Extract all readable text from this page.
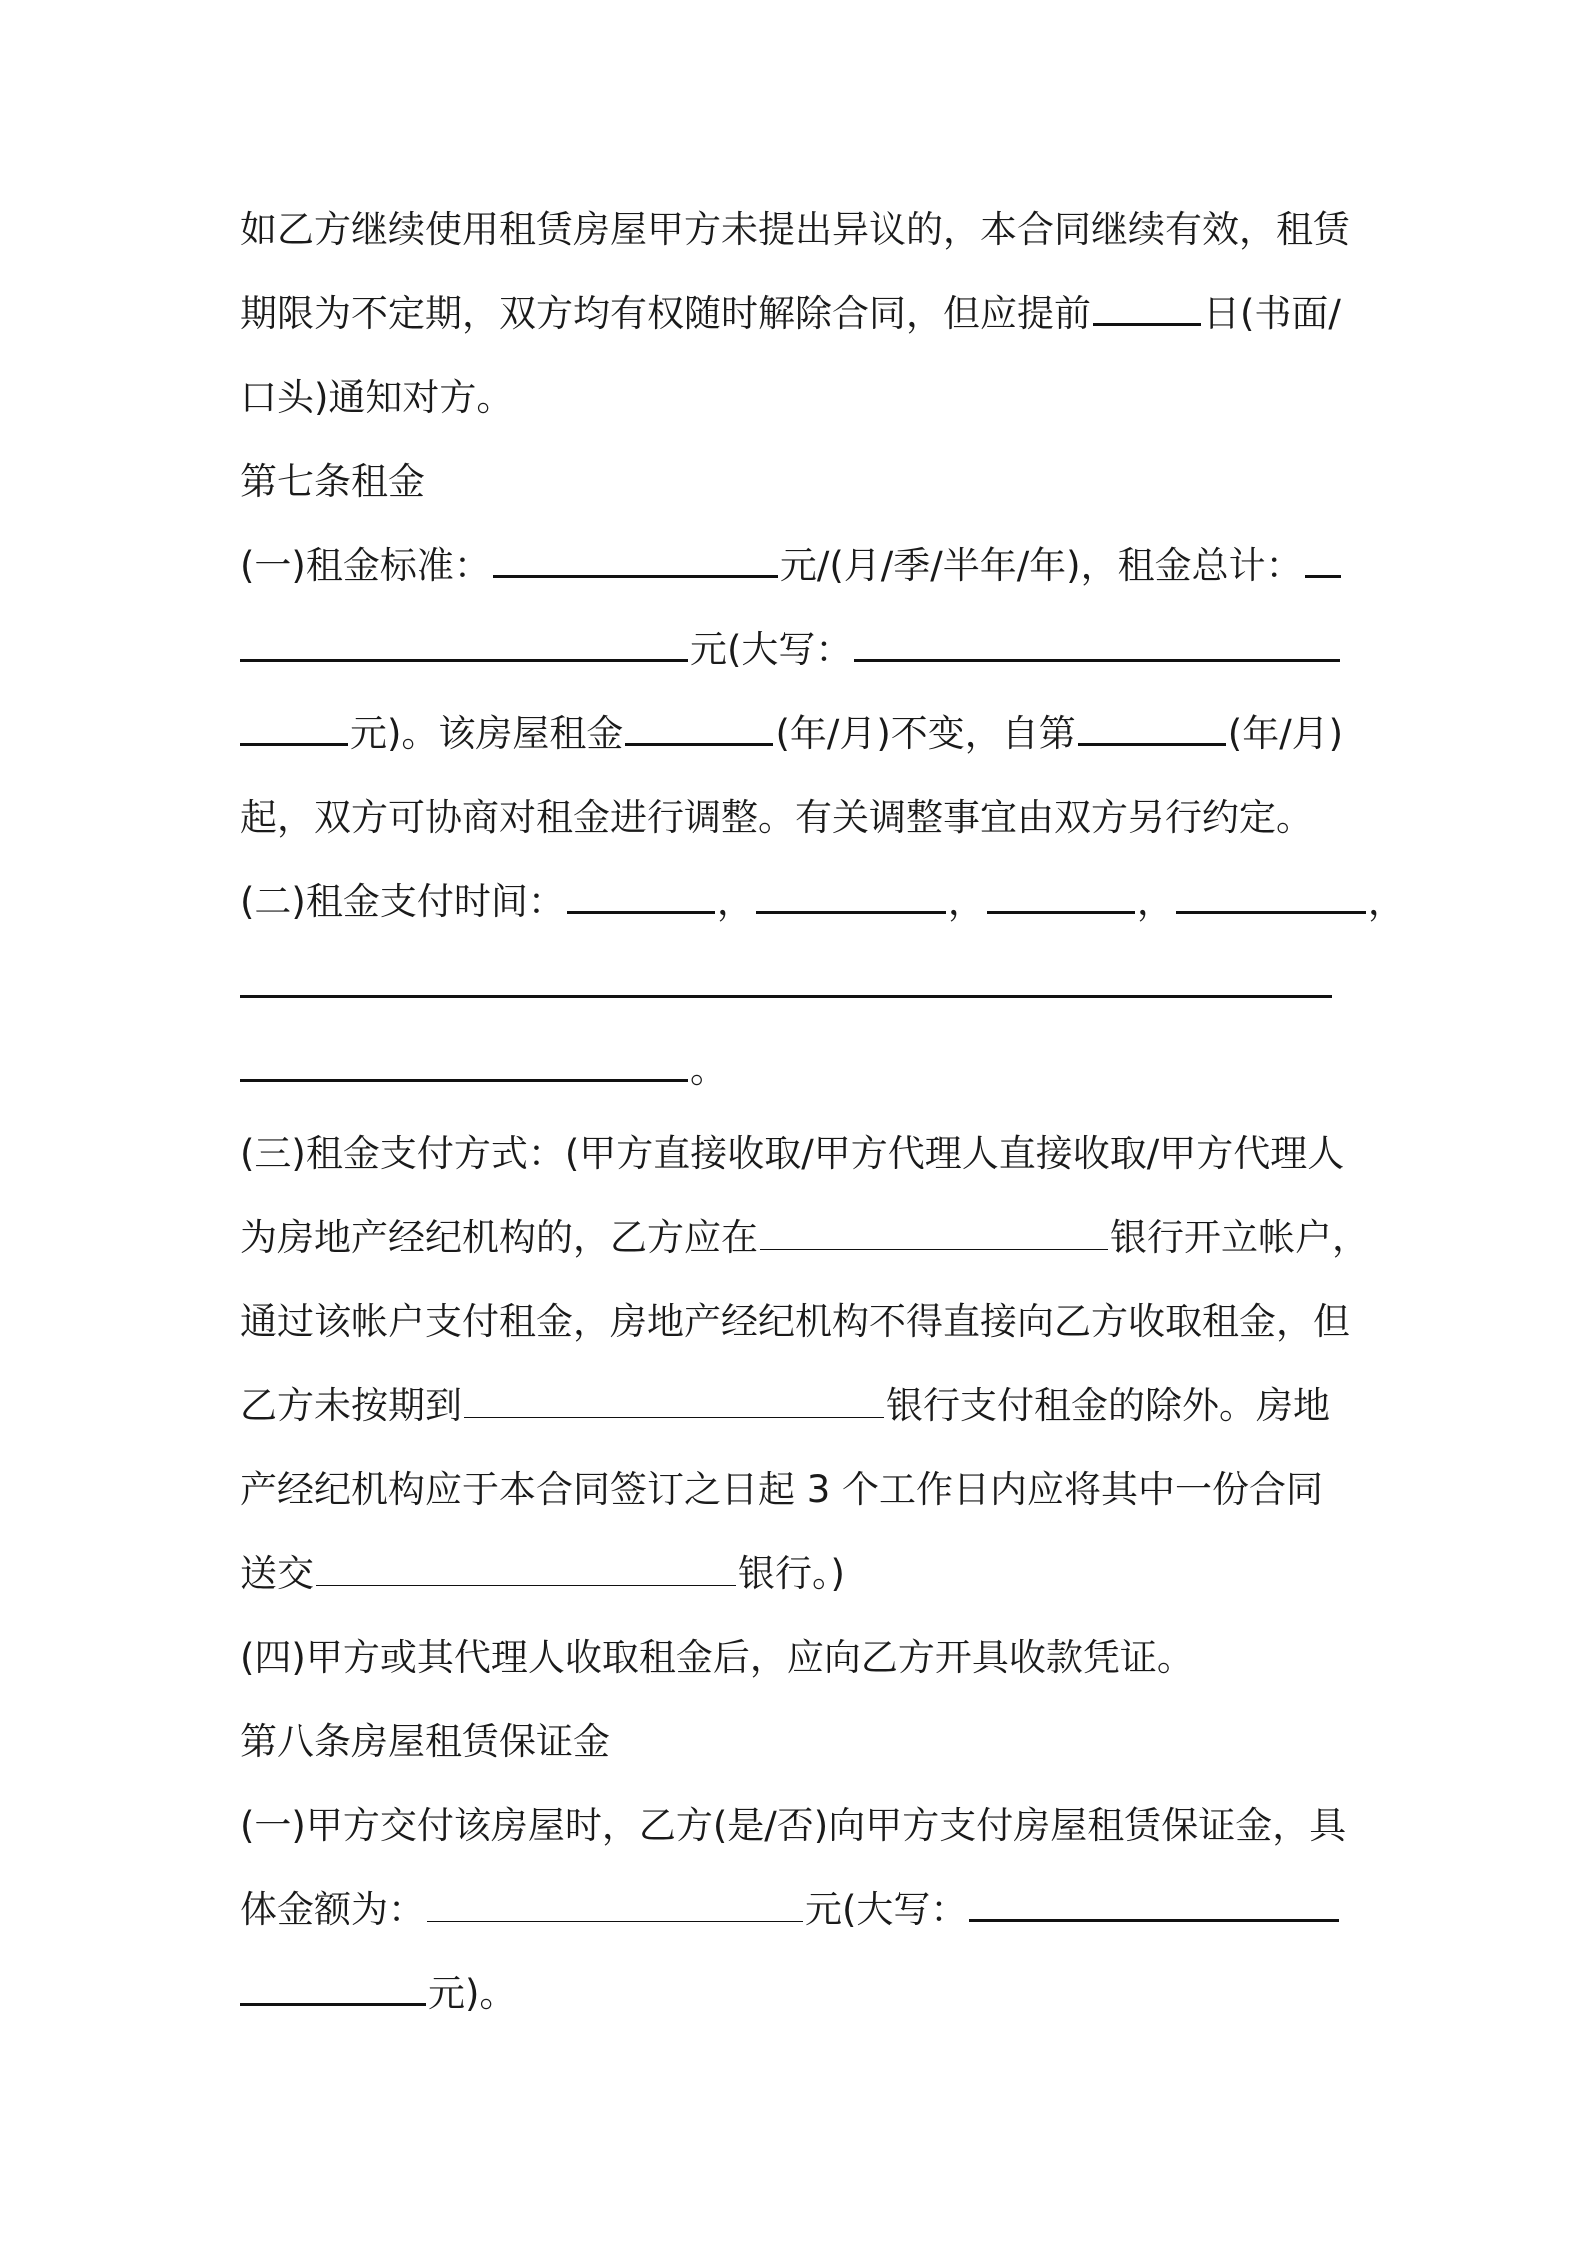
如乙方继续使用租赁房屋甲方未提出异议的，本合同继续有效，租赁
期限为不定期，双方均有权随时解除合同，但应提前	日(书面/
口头)通知对方。
第七条租金
(一)租金标准：	元/(月/季/半年/年)，租金总计：
元(大写：
元)。该房屋租金	(年/月)不变，自第	(年/月)
起，双方可协商对租金进行调整。有关调整事宜由双方另行约定。
(二)租金支付时间：	，	，	，	，
。
(三)租金支付方式：(甲方直接收取/甲方代理人直接收取/甲方代理人
为房地产经纪机构的，乙方应在	银行开立帐户，
通过该帐户支付租金，房地产经纪机构不得直接向乙方收取租金，但
乙方未按期到	银行支付租金的除外。房地
产经纪机构应于本合同签订之日起 3 个工作日内应将其中一份合同
送交	银行。)
(四)甲方或其代理人收取租金后，应向乙方开具收款凭证。
第八条房屋租赁保证金
(一)甲方交付该房屋时，乙方(是/否)向甲方支付房屋租赁保证金，具
体金额为：	元(大写：
元)。
